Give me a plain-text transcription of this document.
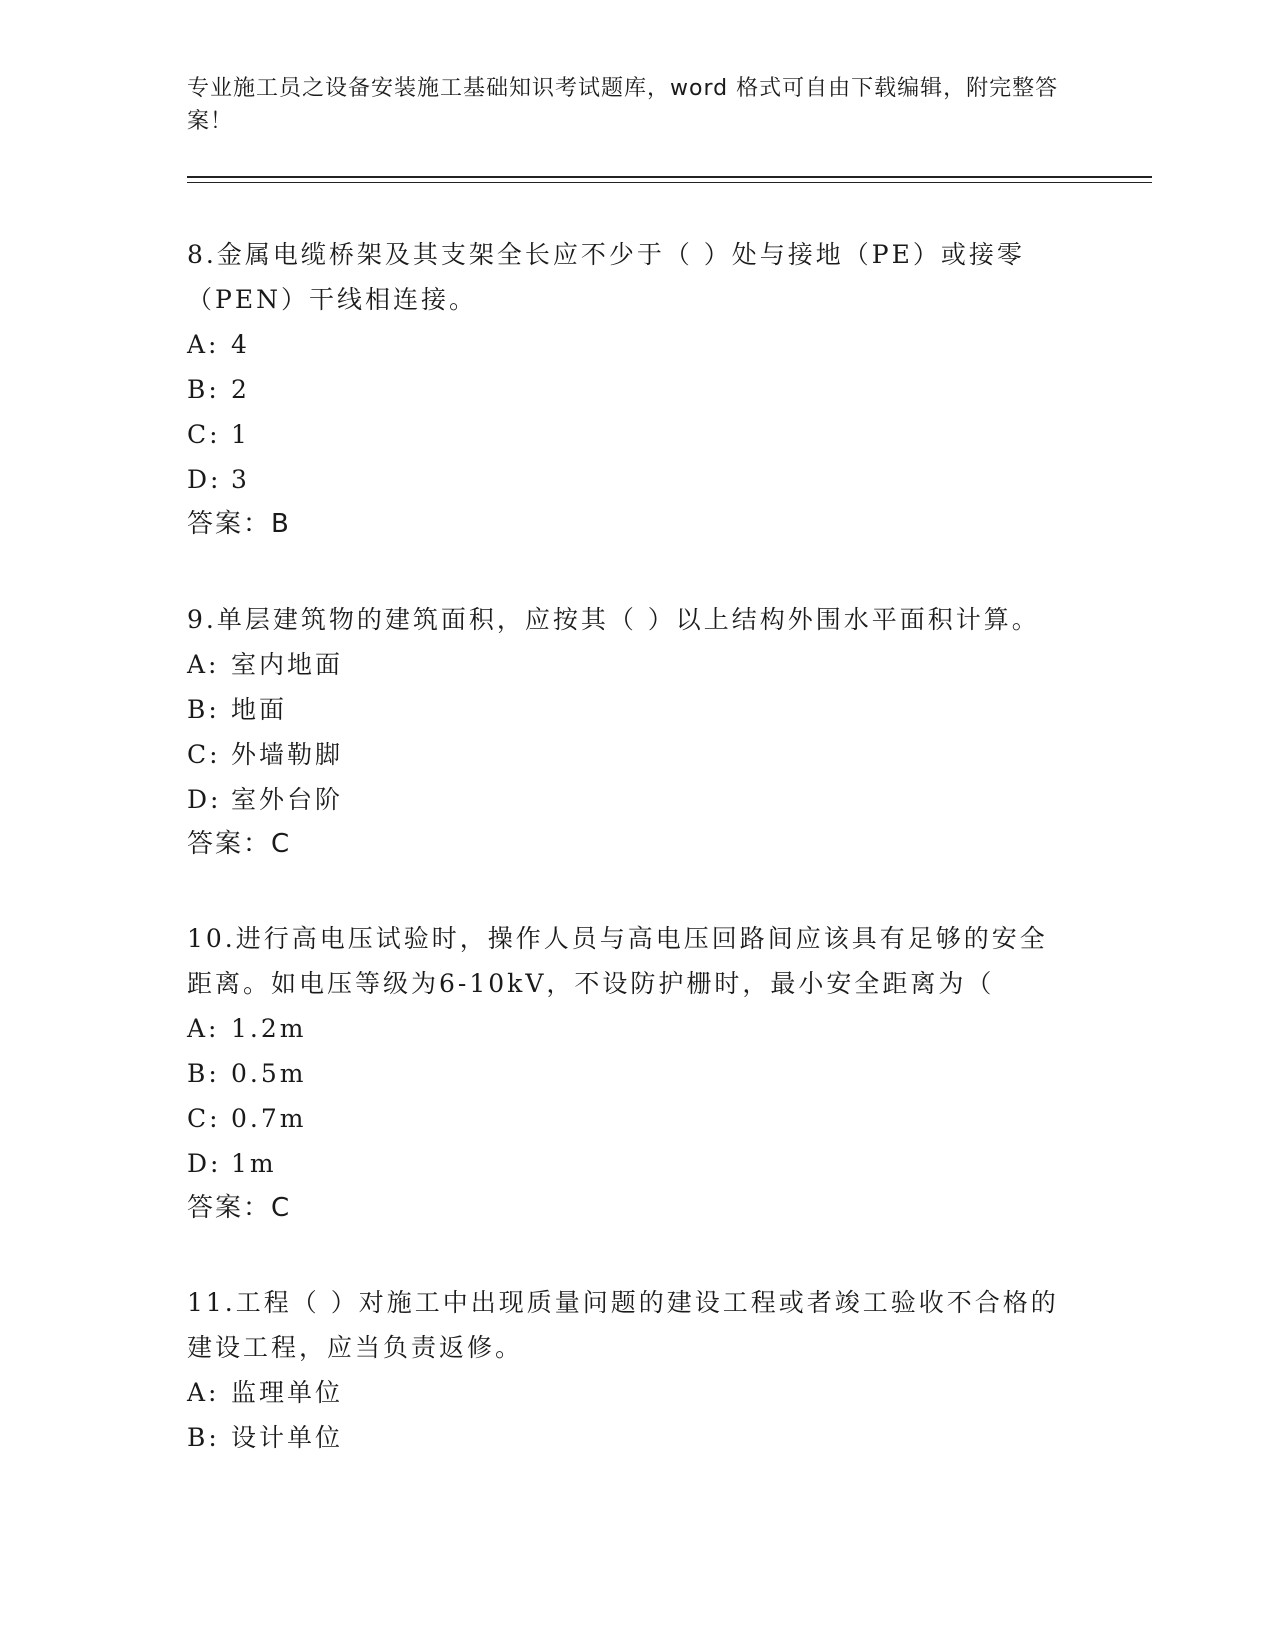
专业施工员之设备安装施工基础知识考试题库，word 格式可自由下载编辑，附完整答案！

8.金属电缆桥架及其支架全长应不少于（ ）处与接地（PE）或接零（PEN）干线相连接。

A: 4

B: 2

C: 1

D: 3

答案：B

9.单层建筑物的建筑面积，应按其（ ）以上结构外围水平面积计算。

A: 室内地面

B: 地面

C: 外墙勒脚

D: 室外台阶

答案：C

10.进行高电压试验时，操作人员与高电压回路间应该具有足够的安全距离。如电压等级为6-10kV，不设防护栅时，最小安全距离为（

A: 1.2m

B: 0.5m

C: 0.7m

D: 1m

答案：C

11.工程（ ）对施工中出现质量问题的建设工程或者竣工验收不合格的建设工程，应当负责返修。

A: 监理单位

B: 设计单位
